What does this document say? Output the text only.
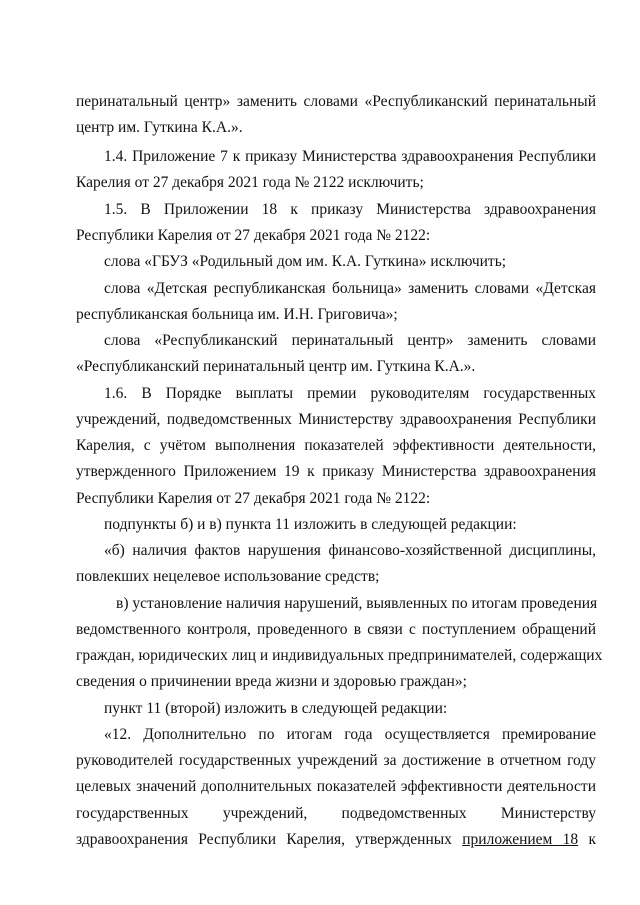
перинатальный центр» заменить словами «Республиканский перинатальный
центр им. Гуткина К.А.».
1.4. Приложение 7 к приказу Министерства здравоохранения Республики
Карелия от 27 декабря 2021 года № 2122 исключить;
1.5. В Приложении 18 к приказу Министерства здравоохранения
Республики Карелия от 27 декабря 2021 года № 2122:
слова «ГБУЗ «Родильный дом им. К.А. Гуткина» исключить;
слова «Детская республиканская больница» заменить словами «Детская
республиканская больница им. И.Н. Григовича»;
слова «Республиканский перинатальный центр» заменить словами
«Республиканский перинатальный центр им. Гуткина К.А.».
1.6. В Порядке выплаты премии руководителям государственных
учреждений, подведомственных Министерству здравоохранения Республики
Карелия, с учётом выполнения показателей эффективности деятельности,
утвержденного Приложением 19 к приказу Министерства здравоохранения
Республики Карелия от 27 декабря 2021 года № 2122:
подпункты б) и в) пункта 11 изложить в следующей редакции:
«б) наличия фактов нарушения финансово-хозяйственной дисциплины,
повлекших нецелевое использование средств;
в) установление наличия нарушений, выявленных по итогам проведения
ведомственного контроля, проведенного в связи с поступлением обращений
граждан, юридических лиц и индивидуальных предпринимателей, содержащих
сведения о причинении вреда жизни и здоровью граждан»;
пункт 11 (второй) изложить в следующей редакции:
«12. Дополнительно по итогам года осуществляется премирование
руководителей государственных учреждений за достижение в отчетном году
целевых значений дополнительных показателей эффективности деятельности
государственных учреждений, подведомственных Министерству
здравоохранения Республики Карелия, утвержденных приложением 18 к
